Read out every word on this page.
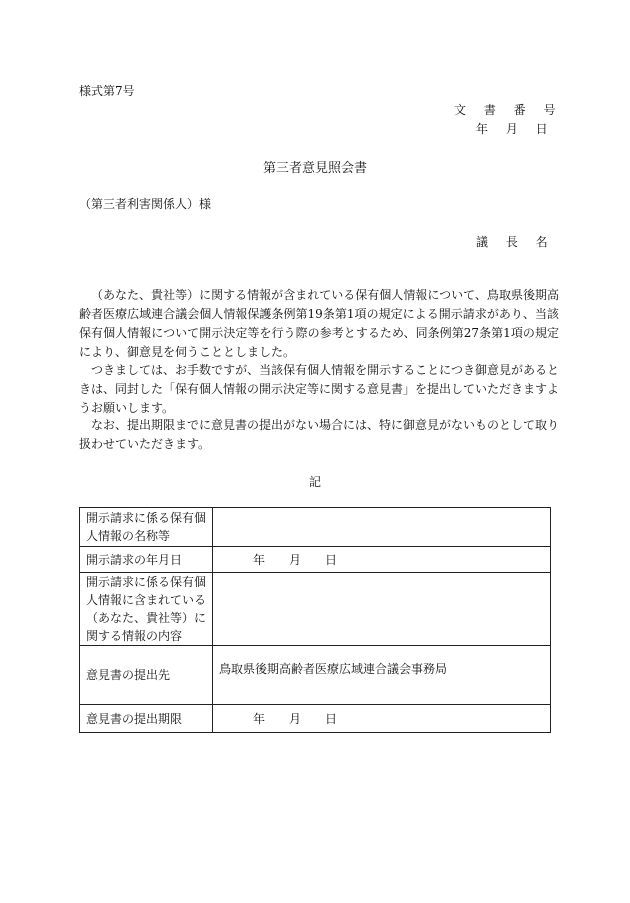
様式第7号
文 書 番 号
年 月 日
第三者意見照会書
（第三者利害関係人）様
議 長 名

（あなた、貴社等）に関する情報が含まれている保有個人情報について、鳥取県後期高齢者医療広域連合議会個人情報保護条例第19条第1項の規定による開示請求があり、当該保有個人情報について開示決定等を行う際の参考とするため、同条例第27条第1項の規定により、御意見を伺うこととしました。

つきましては、お手数ですが、当該保有個人情報を開示することにつき御意見があるときは、同封した「保有個人情報の開示決定等に関する意見書」を提出していただきますようお願いします。

なお、提出期限までに意見書の提出がない場合には、特に御意見がないものとして取り扱わせていただきます。

記
開示請求に係る保有個人情報の名称等	
開示請求の年月日	年　　月　　日
開示請求に係る保有個人情報に含まれている（あなた、貴社等）に関する情報の内容	
意見書の提出先	鳥取県後期高齢者医療広域連合議会事務局
意見書の提出期限	年　　月　　日
